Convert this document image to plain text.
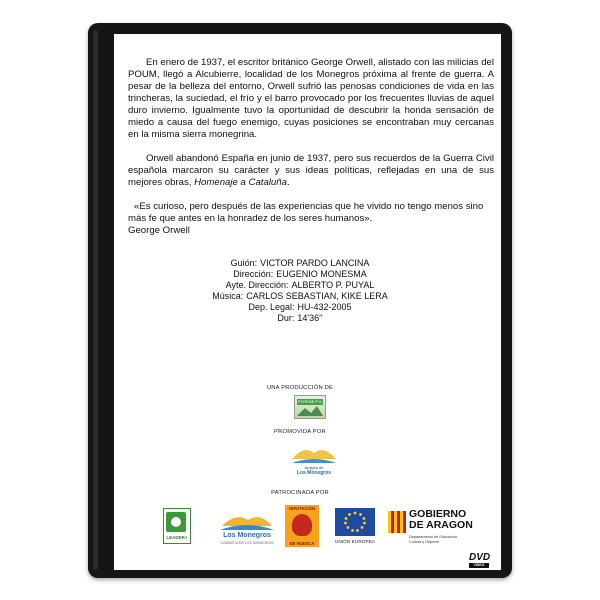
En enero de 1937, el escritor británico George Orwell, alistado con las milicias del POUM, llegó a Alcubierre, localidad de los Monegros próxima al frente de guerra. A pesar de la belleza del entorno, Orwell sufrió las penosas condiciones de vida en las trincheras, la suciedad, el frío y el barro provocado por los frecuentes lluvias de aquel duro invierno. Igualmente tuvo la oportunidad de descubrir la honda sensación de miedo a causa del fuego enemigo, cuyas posiciones se encontraban muy cercanas en la misma sierra monegrina.

Orwell abandonó España en junio de 1937, pero sus recuerdos de la Guerra Civil española marcaron su carácter y sus ideas políticas, reflejadas en una de sus mejores obras, Homenaje a Cataluña.

«Es curioso, pero después de las experiencias que he vivido no tengo menos sino más fe que antes en la honradez de los seres humanos».
George Orwell
Guión: VICTOR PARDO LANCINA
Dirección: EUGENIO MONESMA
Ayte. Dirección: ALBERTO P. PUYAL
Música: CARLOS SEBASTIAN, KIKE LERA
Dep. Legal: HU-432-2005
Dur: 14'36''
UNA PRODUCCIÓN DE
PYRENE P.V.
PROMOVIDA POR
Amigos de
Los Monegros
PATROCINADA POR
LEADER+	Los Monegros
COMARCA DE LOS MONEGROS
DIPUTACIÓN
DE HUESCA	UNIÓN EUROPEA
GOBIERNO
DE ARAGON
Departamento de Educación,
Cultura y Deporte
DVD
VIDEO
